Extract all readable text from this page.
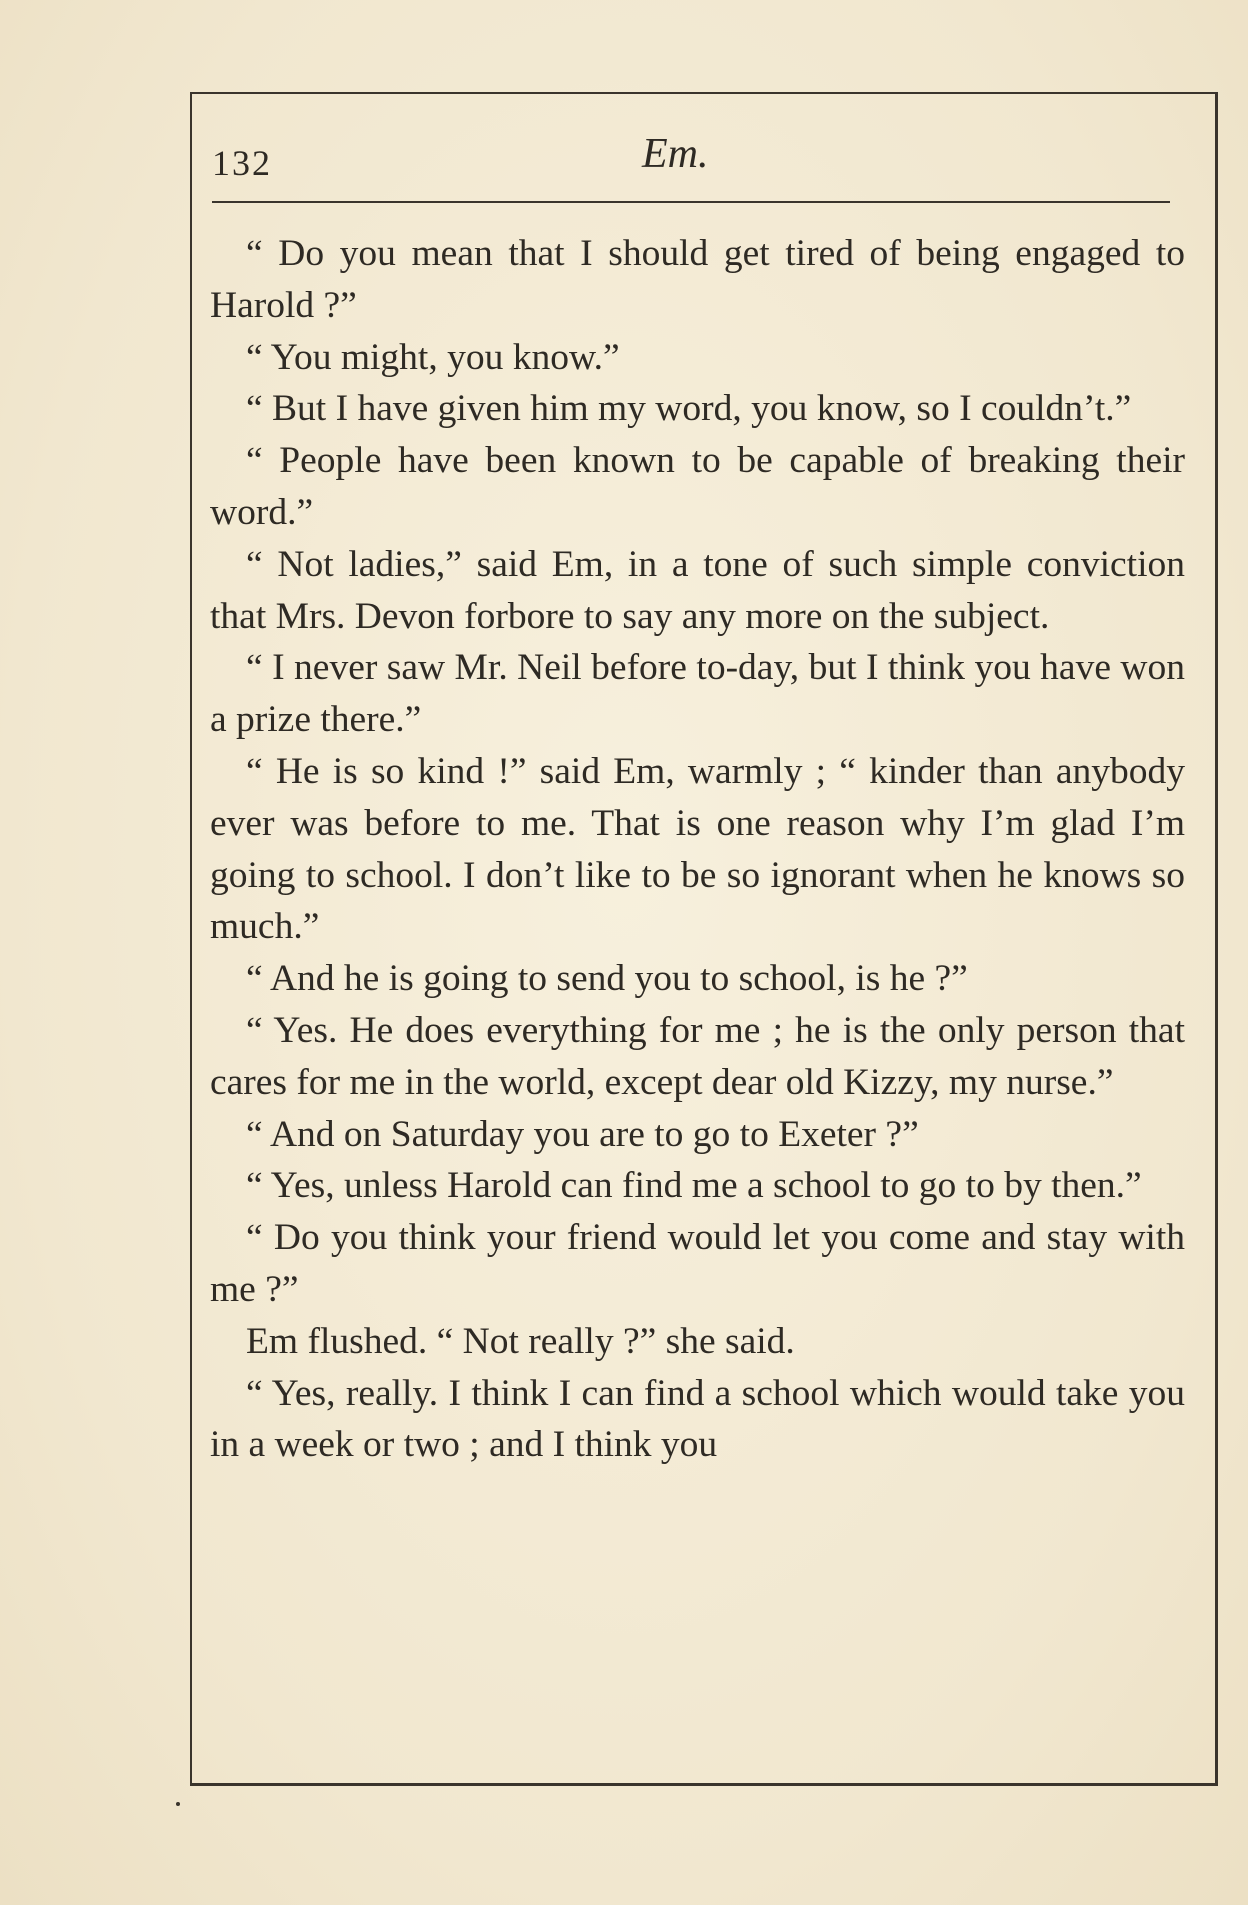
132	Em.

“ Do you mean that I should get tired of being engaged to Harold ?”

“ You might, you know.”

“ But I have given him my word, you know, so I couldn’t.”

“ People have been known to be capable of breaking their word.”

“ Not ladies,” said Em, in a tone of such simple conviction that Mrs. Devon forbore to say any more on the subject.

“ I never saw Mr. Neil before to-day, but I think you have won a prize there.”

“ He is so kind !” said Em, warmly ; “ kinder than anybody ever was before to me. That is one reason why I’m glad I’m going to school. I don’t like to be so ignorant when he knows so much.”

“ And he is going to send you to school, is he ?”

“ Yes. He does everything for me ; he is the only person that cares for me in the world, except dear old Kizzy, my nurse.”

“ And on Saturday you are to go to Exeter ?”

“ Yes, unless Harold can find me a school to go to by then.”

“ Do you think your friend would let you come and stay with me ?”

Em flushed. “ Not really ?” she said.

“ Yes, really. I think I can find a school which would take you in a week or two ; and I think you
